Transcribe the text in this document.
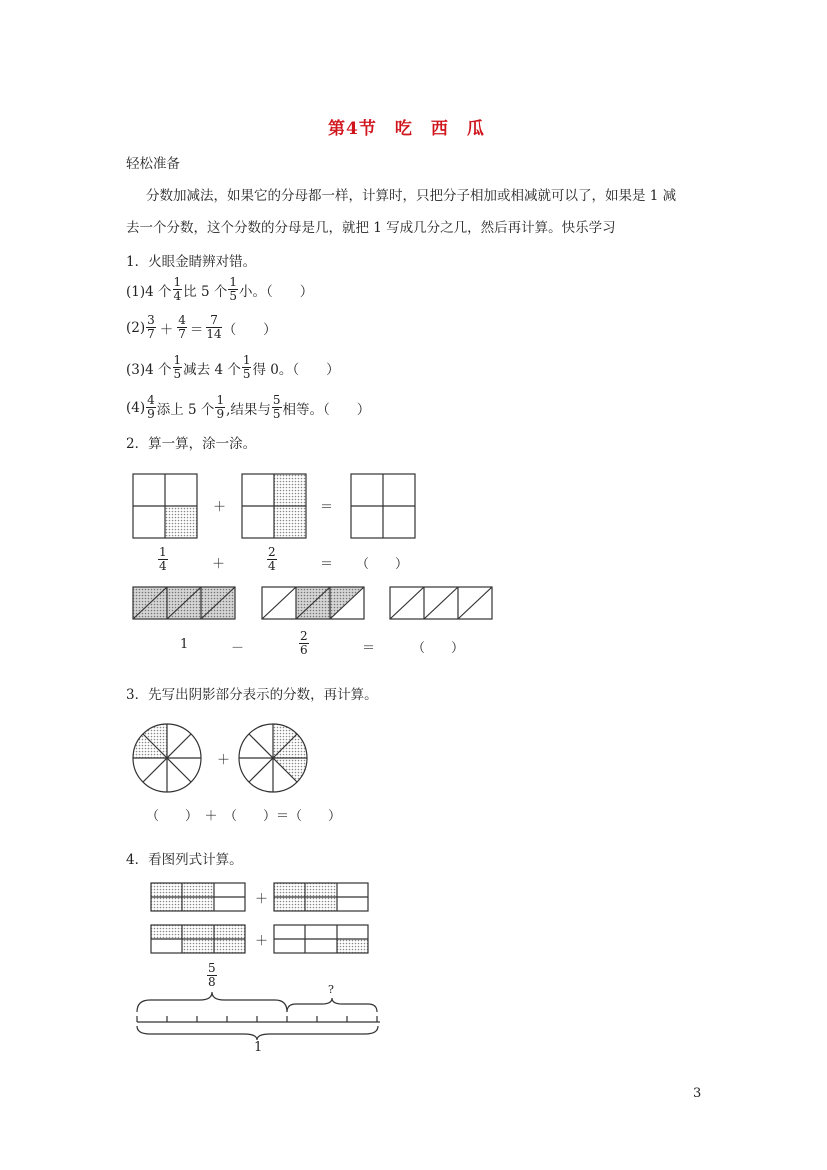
第4节　吃　西　瓜
轻松准备
分数加减法，如果它的分母都一样，计算时，只把分子相加或相减就可以了，如果是 1 减
去一个分数，这个分数的分母是几，就把 1 写成几分之几，然后再计算。快乐学习
1．火眼金睛辨对错。
(1)4 个 $\frac{1}{4}$ 比 5 个 $\frac{1}{5}$ 小。（　　）
$(2) \frac{3}{7} + \frac{4}{7} = \frac{7}{14}$ （　　）
(3)4 个 $\frac{1}{5}$ 减去 4 个 $\frac{1}{5}$ 得 0。（　　）
$(4) \frac{4}{9}$ 添上 5 个 $\frac{1}{9}$ ,结果与 $\frac{5}{5}$ 相等。（　　）
2．算一算，涂一涂。
＋	＝
$\frac{1}{4}$	＋	$\frac{2}{4}$	＝ （　　）
1	－	$\frac{2}{6}$	＝	（　　）
3．先写出阴影部分表示的分数，再计算。
＋
（　　）　＋　（　　）＝（　　）
4．看图列式计算。
＋
＋
$\frac{5}{8}$
?
1
3
